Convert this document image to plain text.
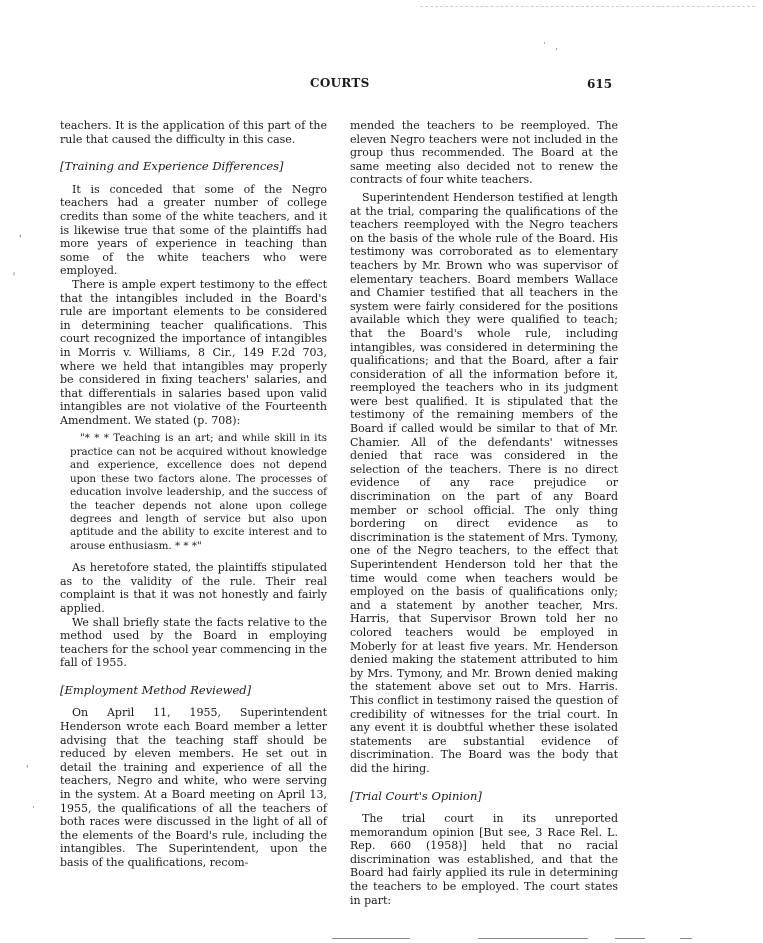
·
·
'
ᵎ
'
·
COURTS	615

teachers. It is the application of this part of the rule that caused the difficulty in this case.

[Training and Experience Differences]

It is conceded that some of the Negro teachers had a greater number of college credits than some of the white teachers, and it is likewise true that some of the plaintiffs had more years of experience in teaching than some of the white teachers who were employed.

There is ample expert testimony to the effect that the intangibles included in the Board's rule are important elements to be considered in determining teacher qualifications. This court recognized the importance of intangibles in Morris v. Williams, 8 Cir., 149 F.2d 703, where we held that intangibles may properly be considered in fixing teachers' salaries, and that differentials in salaries based upon valid intangibles are not violative of the Fourteenth Amendment. We stated (p. 708):

"* * * Teaching is an art; and while skill in its practice can not be acquired without knowledge and experience, excellence does not depend upon these two factors alone. The processes of education involve leadership, and the success of the teacher depends not alone upon college degrees and length of service but also upon aptitude and the ability to excite interest and to arouse enthusiasm. * * *"

As heretofore stated, the plaintiffs stipulated as to the validity of the rule. Their real complaint is that it was not honestly and fairly applied.

We shall briefly state the facts relative to the method used by the Board in employing teachers for the school year commencing in the fall of 1955.

[Employment Method Reviewed]

On April 11, 1955, Superintendent Henderson wrote each Board member a letter advising that the teaching staff should be reduced by eleven members. He set out in detail the training and experience of all the teachers, Negro and white, who were serving in the system. At a Board meeting on April 13, 1955, the qualifications of all the teachers of both races were discussed in the light of all of the elements of the Board's rule, including the intangibles. The Superintendent, upon the basis of the qualifications, recom-

mended the teachers to be reemployed. The eleven Negro teachers were not included in the group thus recommended. The Board at the same meeting also decided not to renew the contracts of four white teachers.

Superintendent Henderson testified at length at the trial, comparing the qualifications of the teachers reemployed with the Negro teachers on the basis of the whole rule of the Board. His testimony was corroborated as to elementary teachers by Mr. Brown who was supervisor of elementary teachers. Board members Wallace and Chamier testified that all teachers in the system were fairly considered for the positions available which they were qualified to teach; that the Board's whole rule, including intangibles, was considered in determining the qualifications; and that the Board, after a fair consideration of all the information before it, reemployed the teachers who in its judgment were best qualified. It is stipulated that the testimony of the remaining members of the Board if called would be similar to that of Mr. Chamier. All of the defendants' witnesses denied that race was considered in the selection of the teachers. There is no direct evidence of any race prejudice or discrimination on the part of any Board member or school official. The only thing bordering on direct evidence as to discrimination is the statement of Mrs. Tymony, one of the Negro teachers, to the effect that Superintendent Henderson told her that the time would come when teachers would be employed on the basis of qualifications only; and a statement by another teacher, Mrs. Harris, that Supervisor Brown told her no colored teachers would be employed in Moberly for at least five years. Mr. Henderson denied making the statement attributed to him by Mrs. Tymony, and Mr. Brown denied making the statement above set out to Mrs. Harris. This conflict in testimony raised the question of credibility of witnesses for the trial court. In any event it is doubtful whether these isolated statements are substantial evidence of discrimination. The Board was the body that did the hiring.

[Trial Court's Opinion]

The trial court in its unreported memorandum opinion [But see, 3 Race Rel. L. Rep. 660 (1958)] held that no racial discrimination was established, and that the Board had fairly applied its rule in determining the teachers to be employed. The court states in part:
